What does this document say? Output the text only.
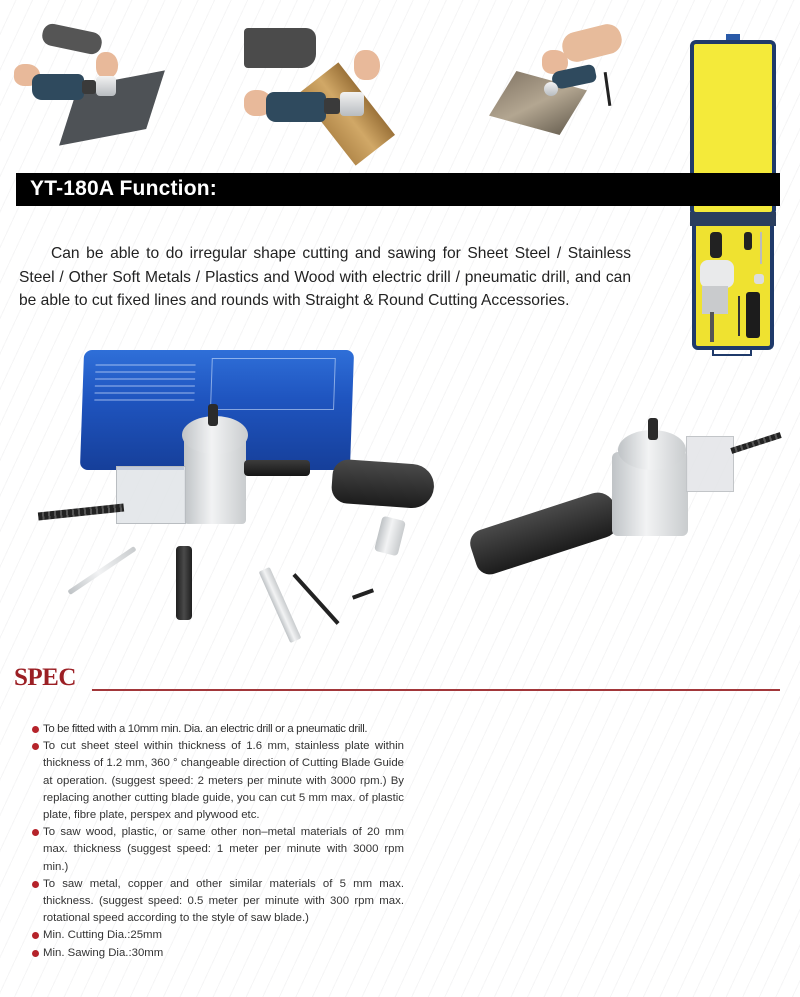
YT-180A Function:

Can be able to do irregular shape cutting and sawing for Sheet Steel / Stainless Steel / Other Soft Metals / Plastics and Wood with electric drill / pneumatic drill, and can be able to cut fixed lines and rounds with Straight & Round Cutting Accessories.

SPEC
To be fitted with a 10mm min. Dia. an electric drill or a pneumatic drill.
To cut sheet steel within thickness of 1.6 mm, stainless plate within thickness of 1.2 mm, 360 ° changeable direction of Cutting Blade Guide at operation. (suggest speed: 2 meters per minute with 3000 rpm.) By replacing another cutting blade guide, you can cut 5 mm max. of plastic plate, fibre plate, perspex and plywood etc.
To saw wood, plastic, or same other non–metal materials of 20 mm max. thickness (suggest speed: 1 meter per minute with 3000 rpm min.)
To saw metal, copper and other similar materials of 5 mm max. thickness. (suggest speed: 0.5 meter per minute with 300 rpm max. rotational speed according to the style of saw blade.)
Min. Cutting Dia.:25mm
Min. Sawing Dia.:30mm
